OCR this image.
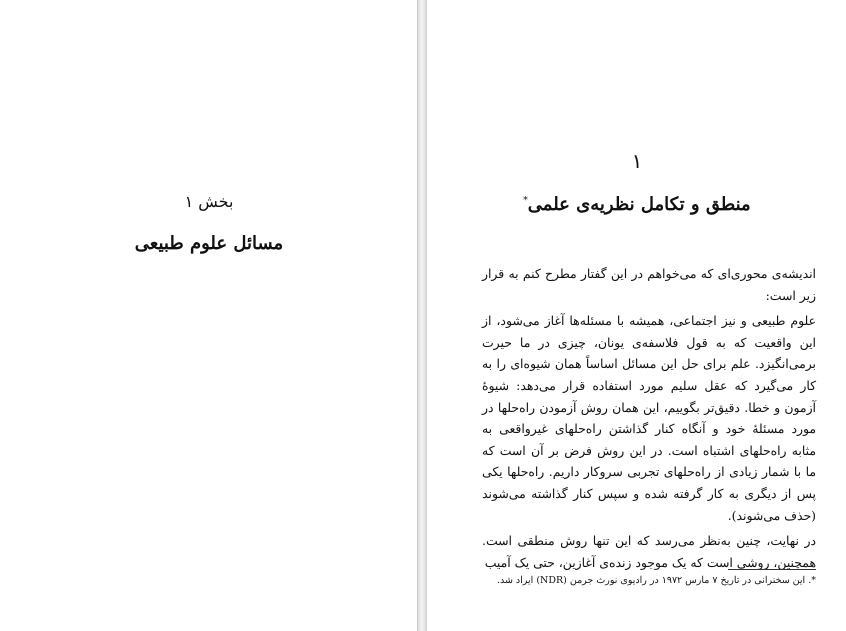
بخش ۱
مسائل علوم طبیعی
۱
منطق و تکامل نظریه‌ی علمی*

اندیشه‌ی محوری‌ای که می‌خواهم در این گفتار مطرح کنم به قرار زیر است:

علوم طبیعی و نیز اجتماعی، همیشه با مسئله‌ها آغاز می‌شود، از این واقعیت که به قول فلاسفه‌ی یونان، چیزی در ما حیرت برمی‌انگیزد. علم برای حل این مسائل اساساً همان شیوه‌ای را به کار می‌گیرد که عقل سلیم مورد استفاده قرار می‌دهد: شیوه‌ٔ آزمون و خطا. دقیق‌تر بگوییم، این همان روش آزمودن راه‌حلها در مورد مسئلهٔ خود و آنگاه کنار گذاشتن راه‌حلهای غیرواقعی به مثابه راه‌حلهای اشتباه است. در این روش فرض بر آن است که ما با شمار زیادی از راه‌حلهای تجربی سروکار داریم. راه‌حلها یکی پس از دیگری به کار گرفته شده و سپس کنار گذاشته می‌شوند (حذف می‌شوند).

در نهایت، چنین به‌نظر می‌رسد که این تنها روش منطقی است. همچنین، روشی است که یک موجود زنده‌ی آغازین، حتی یک آمیب

*. این سخنرانی در تاریخ ۷ مارس ۱۹۷۲ در رادیوی نورث جرمن (NDR) ایراد شد.
